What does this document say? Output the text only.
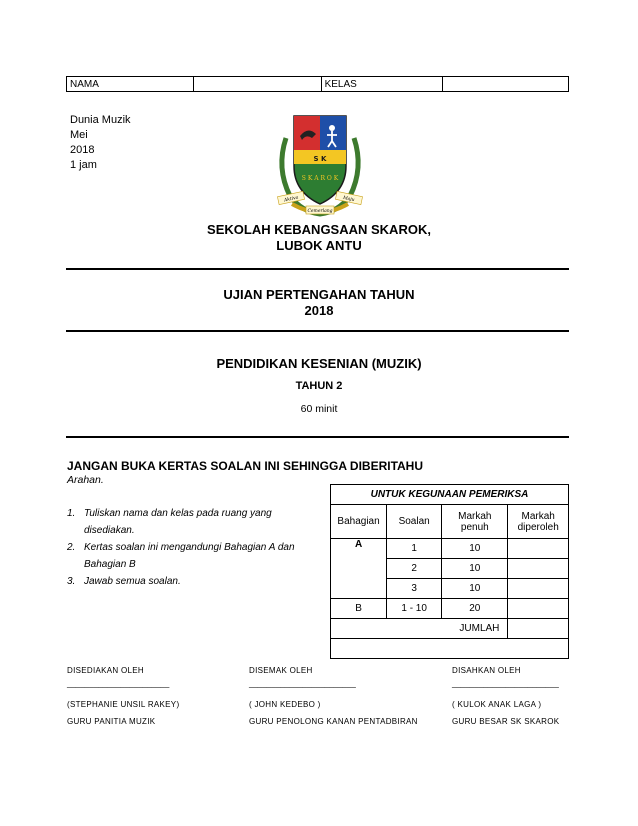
NAMA		KELAS	
Dunia Muzik
Mei
2018
1 jam	S K
S K A R O K
Aktiva	Maju
Cemerlang
SEKOLAH KEBANGSAAN SKAROK,
LUBOK ANTU
UJIAN PERTENGAHAN TAHUN
2018
PENDIDIKAN KESENIAN (MUZIK)
TAHUN 2
60 minit
JANGAN BUKA KERTAS SOALAN INI SEHINGGA DIBERITAHU
Arahan.
1. Tuliskan nama dan kelas pada ruang yang disediakan.
2. Kertas soalan ini mengandungi Bahagian A dan Bahagian B
3. Jawab semua soalan.
UNTUK KEGUNAAN PEMERIKSA			
Bahagian	Soalan	Markah penuh	Markah diperoleh
A	1	10	
	2	10	
	3	10	
B	1 - 10	20	
JUMLAH			

DISEDIAKAN OLEH
_______________________
(STEPHANIE UNSIL RAKEY)
GURU PANITIA MUZIK
DISEMAK OLEH
________________________
( JOHN KEDEBO )
GURU PENOLONG KANAN PENTADBIRAN
DISAHKAN OLEH
________________________
( KULOK ANAK LAGA )
GURU BESAR SK SKAROK
